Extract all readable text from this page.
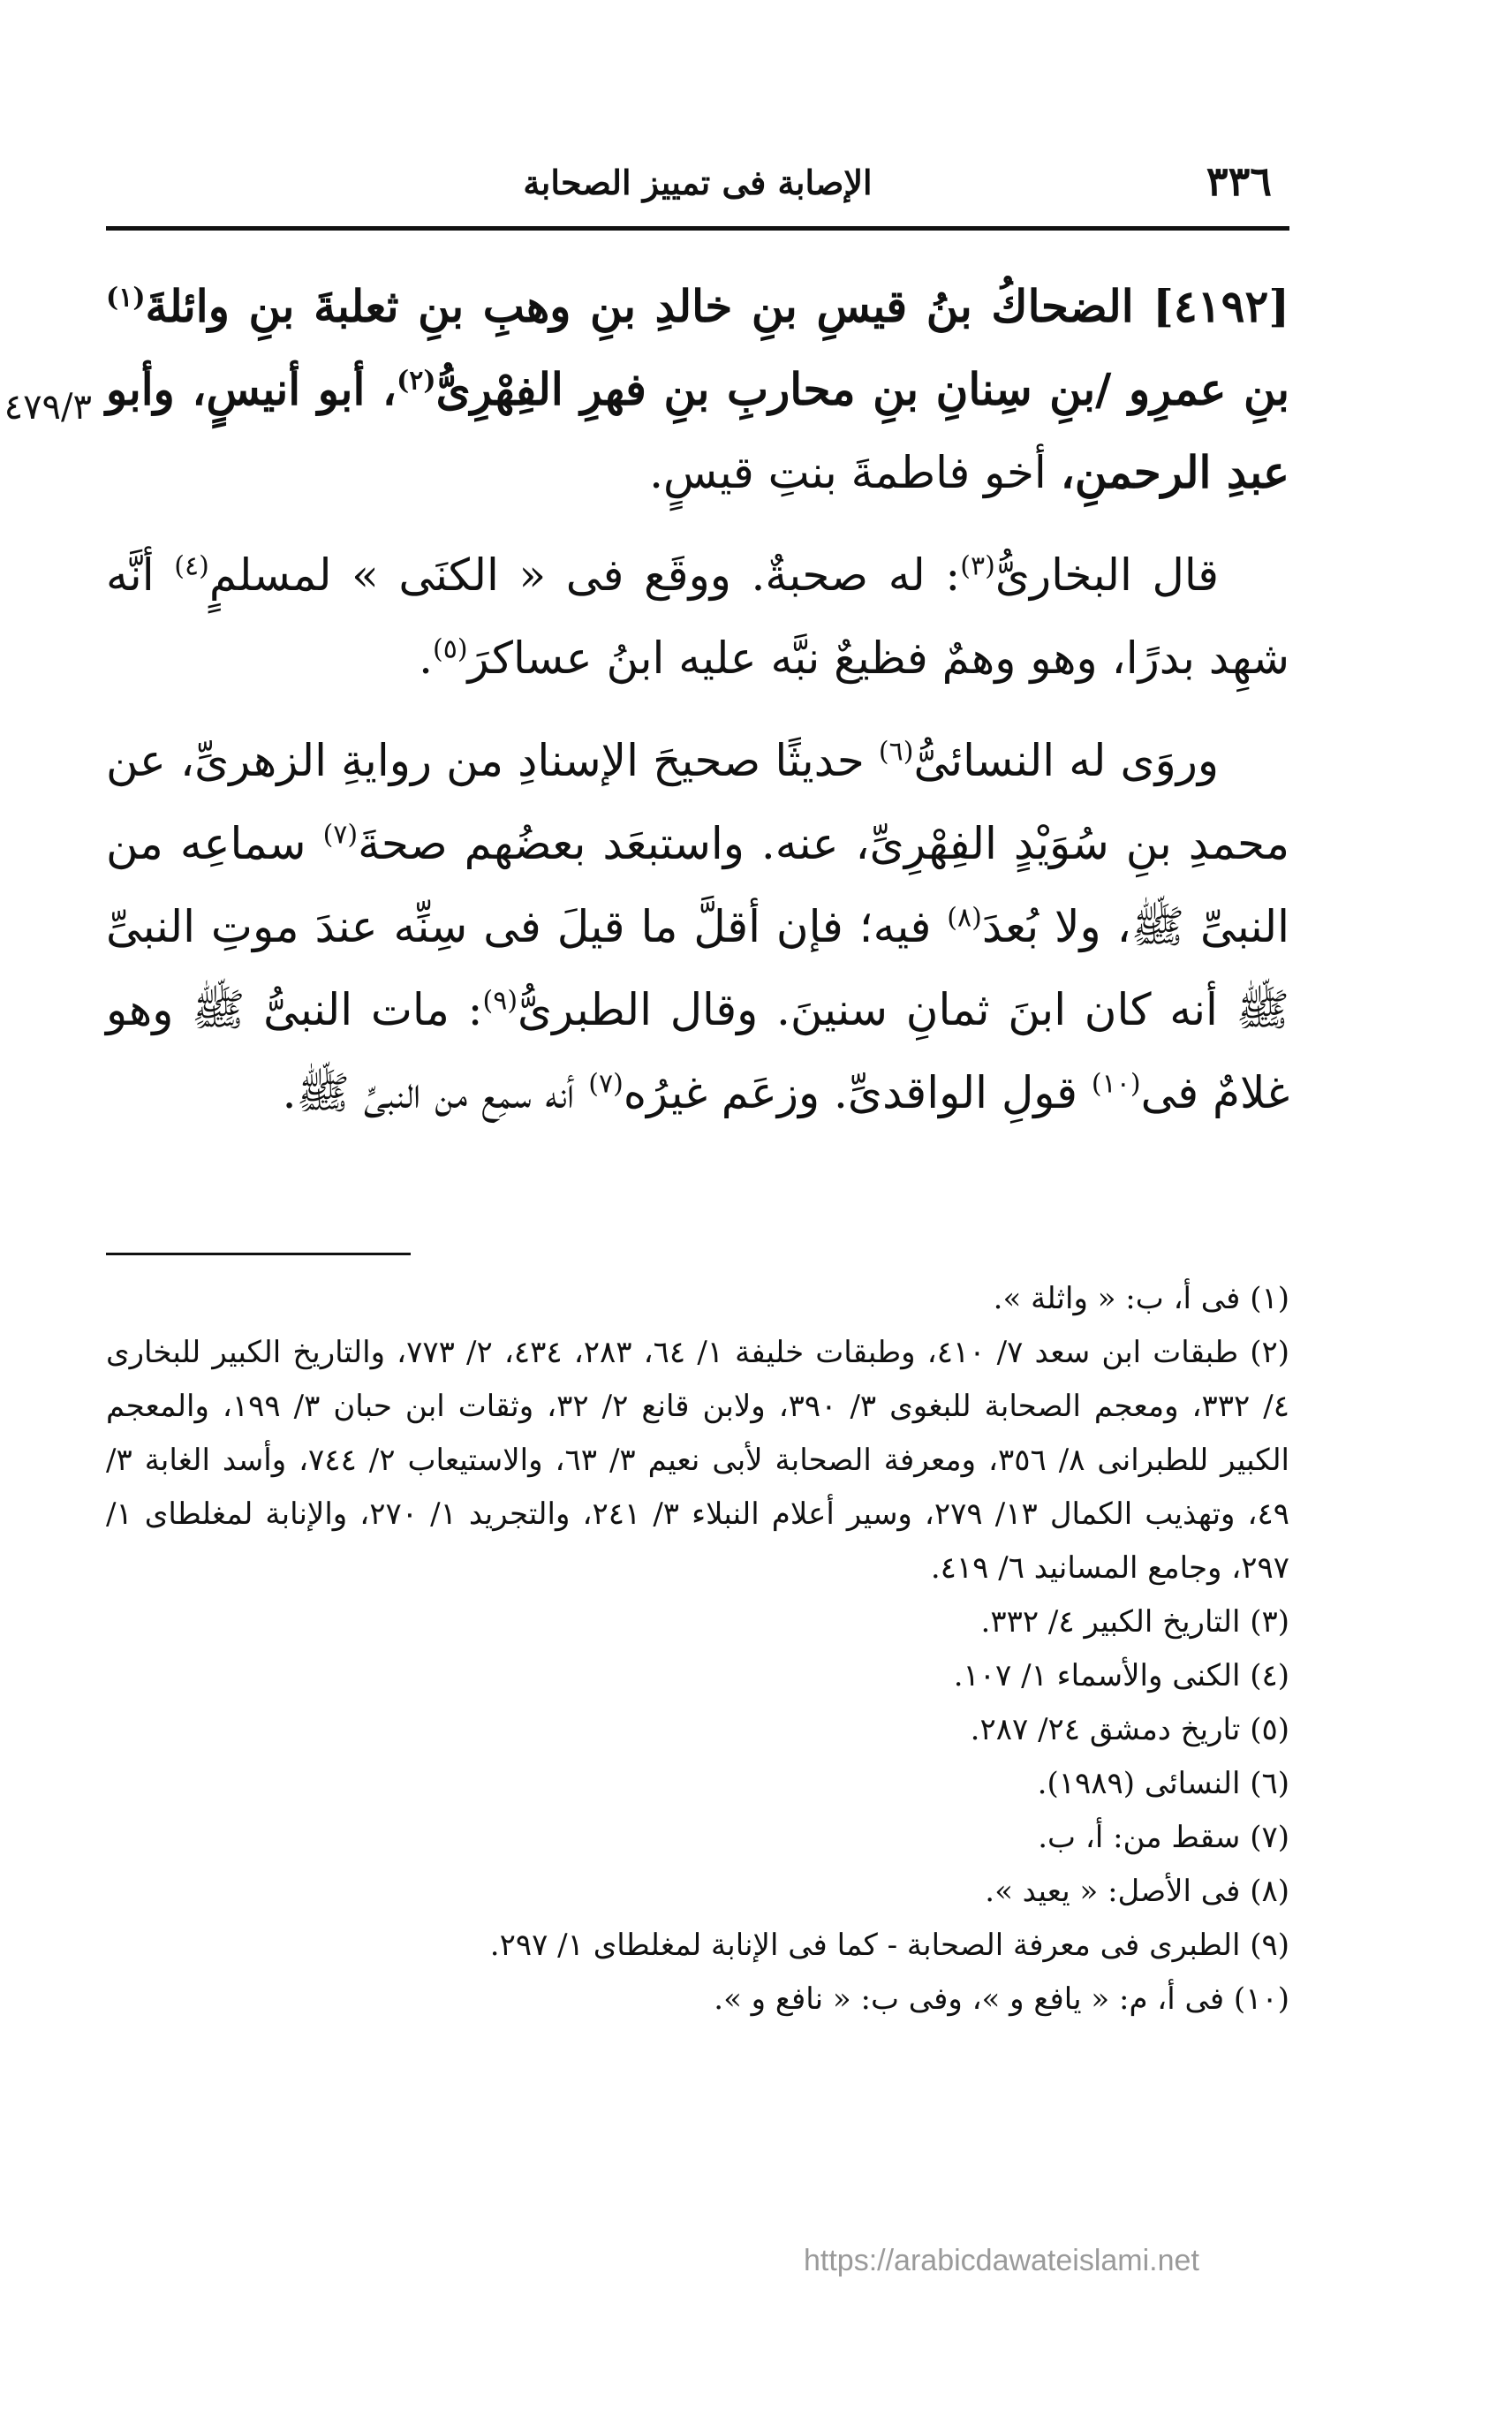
٣٣٦
الإصابة فى تمييز الصحابة
٤٧٩/٣

[٤١٩٢] الضحاكُ بنُ قيسِ بنِ خالدِ بنِ وهبِ بنِ ثعلبةَ بنِ وائلةَ$^{(١)}$ بنِ عمرِو /بنِ سِنانِ بنِ محاربِ بنِ فهرِ الفِهْرِىُّ$^{(٢)}$، أبو أنيسٍ، وأبو عبدِ الرحمنِ، أخو فاطمةَ بنتِ قيسٍ.

قال البخارىُّ$^{(٣)}$: له صحبةٌ. ووقَع فى « الكنَى » لمسلمٍ$^{(٤)}$ أنَّه شهِد بدرًا، وهو وهمٌ فظيعٌ نبَّه عليه ابنُ عساكرَ$^{(٥)}$.

وروَى له النسائىُّ$^{(٦)}$ حديثًا صحيحَ الإسنادِ من روايةِ الزهرىِّ، عن محمدِ بنِ سُوَيْدٍ الفِهْرِىِّ، عنه. واستبعَد بعضُهم صحةَ$^{(٧)}$ سماعِه من النبىِّ ﷺ، ولا بُعدَ$^{(٨)}$ فيه؛ فإن أقلَّ ما قيلَ فى سِنِّه عندَ موتِ النبىِّ ﷺ أنه كان ابنَ ثمانِ سنينَ. وقال الطبرىُّ$^{(٩)}$: مات النبىُّ ﷺ وهو غلامٌ فى$^{(١٠)}$ قولِ الواقدىِّ. وزعَم غيرُه$^{(٧)}$ أنه سمِع من النبىِّ ﷺ.

(١) فى أ، ب: « واثلة ».

(٢) طبقات ابن سعد ٧/ ٤١٠، وطبقات خليفة ١/ ٦٤، ٢٨٣، ٤٣٤، ٢/ ٧٧٣، والتاريخ الكبير للبخارى ٤/ ٣٣٢، ومعجم الصحابة للبغوى ٣/ ٣٩٠، ولابن قانع ٢/ ٣٢، وثقات ابن حبان ٣/ ١٩٩، والمعجم الكبير للطبرانى ٨/ ٣٥٦، ومعرفة الصحابة لأبى نعيم ٣/ ٦٣، والاستيعاب ٢/ ٧٤٤، وأسد الغابة ٣/ ٤٩، وتهذيب الكمال ١٣/ ٢٧٩، وسير أعلام النبلاء ٣/ ٢٤١، والتجريد ١/ ٢٧٠، والإنابة لمغلطاى ١/ ٢٩٧، وجامع المسانيد ٦/ ٤١٩.

(٣) التاريخ الكبير ٤/ ٣٣٢.

(٤) الكنى والأسماء ١/ ١٠٧.

(٥) تاريخ دمشق ٢٤/ ٢٨٧.

(٦) النسائى (١٩٨٩).

(٧) سقط من: أ، ب.

(٨) فى الأصل: « يعيد ».

(٩) الطبرى فى معرفة الصحابة - كما فى الإنابة لمغلطاى ١/ ٢٩٧.

(١٠) فى أ، م: « يافع و »، وفى ب: « نافع و ».

https://arabicdawateislami.net
